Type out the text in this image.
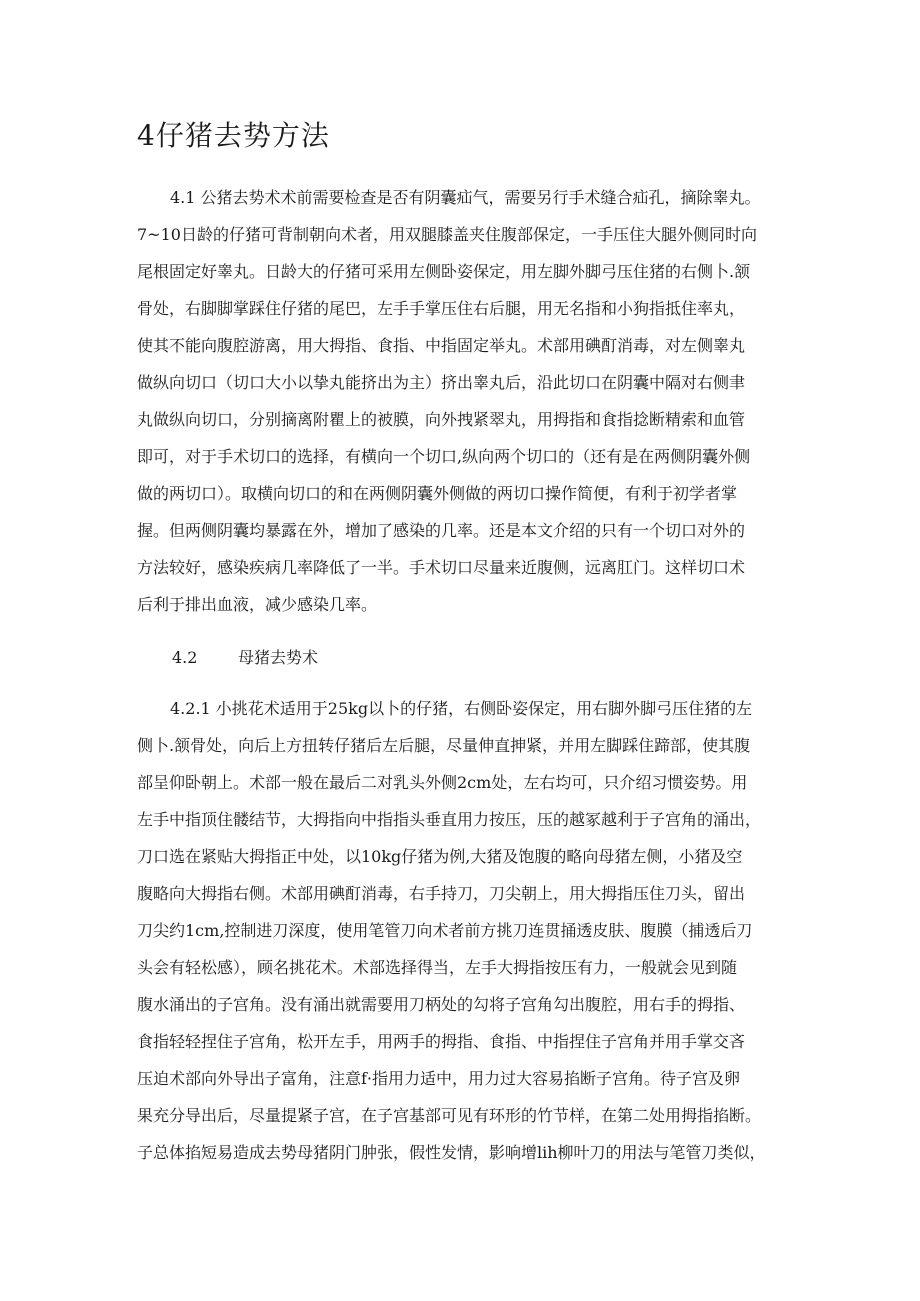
4仔猪去势方法

4.1 公猪去势术术前需要检查是否有阴囊疝气，需要另行手术缝合疝孔，摘除睾丸。

7~10日龄的仔猪可背制朝向术者，用双腿膝盖夹住腹部保定，一手压住大腿外侧同时向

尾根固定好睾丸。日龄大的仔猪可采用左侧卧姿保定，用左脚外脚弓压住猪的右侧卜.颔

骨处，右脚脚掌踩住仔猪的尾巴，左手手掌压住右后腿，用无名指和小狗指抵住率丸，

使其不能向腹腔游离，用大拇指、食指、中指固定举丸。术部用碘酊消毒，对左侧睾丸

做纵向切口（切口大小以挚丸能挤出为主）挤出睾丸后，沿此切口在阴囊中隔对右侧聿

丸做纵向切口，分别摘离附瞿上的被膜，向外拽紧翠丸，用拇指和食指捻断精索和血管

即可，对于手术切口的选择，有横向一个切口,纵向两个切口的（还有是在两侧阴囊外侧

做的两切口）。取横向切口的和在两侧阴囊外侧做的两切口操作简便，有利于初学者掌

握。但两侧阴囊均暴露在外，增加了感染的几率。还是本文介绍的只有一个切口对外的

方法较好，感染疾病几率降低了一半。手术切口尽量来近腹侧，远离肛门。这样切口术

后利于排出血液，减少感染几率。

4.2	母猪去势术

4.2.1 小挑花术适用于25kg以卜的仔猪，右侧卧姿保定，用右脚外脚弓压住猪的左

侧卜.颔骨处，向后上方扭转仔猪后左后腿，尽量伸直抻紧，并用左脚踩住蹄部，使其腹

部呈仰卧朝上。术部一般在最后二对乳头外侧2cm处，左右均可，只介绍习惯姿势。用

左手中指顶住髅结节，大拇指向中指指头垂直用力按压，压的越冢越利于子宫角的涌出，

刀口选在紧贴大拇指正中处，以10kg仔猪为例,大猪及饱腹的略向母猪左侧，小猪及空

腹略向大拇指右侧。术部用碘酊消毒，右手持刀，刀尖朝上，用大拇指压住刀头，留出

刀尖约1cm,控制进刀深度，使用笔管刀向术者前方挑刀连贯捅透皮肤、腹膜（捕透后刀

头会有轻松感），顾名挑花术。术部选择得当，左手大拇指按压有力，一般就会见到随

腹水涌出的子宫角。没有涌出就需要用刀柄处的勾将子宫角勾出腹腔，用右手的拇指、

食指轻轻捏住子宫角，松开左手，用两手的拇指、食指、中指捏住子宫角并用手掌交吝

压迫术部向外导出子富角，注意f·指用力适中，用力过大容易掐断子宫角。待子宫及卵

果充分导出后，尽量提紧子宫，在子宫基部可见有环形的竹节样，在第二处用拇指掐断。

子总体掐短易造成去势母猪阴门肿张，假性发情，影响增lih柳叶刀的用法与笔管刀类似，
